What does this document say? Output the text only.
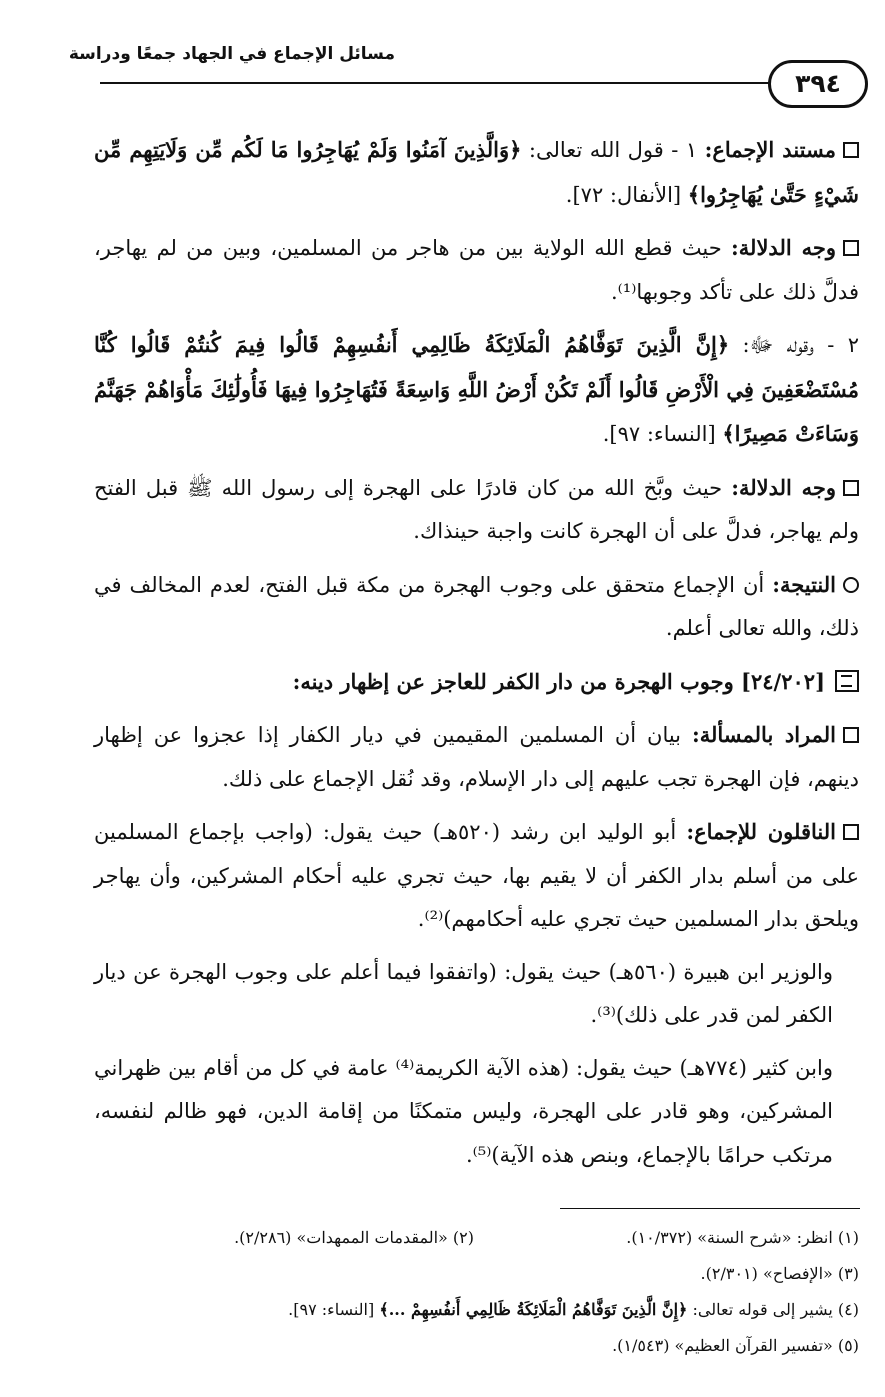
مسائل الإجماع في الجهاد جمعًا ودراسة
٣٩٤

مستند الإجماع: ١ - قول الله تعالى: ﴿وَالَّذِينَ آمَنُوا وَلَمْ يُهَاجِرُوا مَا لَكُم مِّن وَلَايَتِهِم مِّن شَيْءٍ حَتَّىٰ يُهَاجِرُوا﴾ [الأنفال: ٧٢].

وجه الدلالة: حيث قطع الله الولاية بين من هاجر من المسلمين، وبين من لم يهاجر، فدلَّ ذلك على تأكد وجوبها⁽¹⁾.

٢ - وقوله ﷻ: ﴿إِنَّ الَّذِينَ تَوَفَّاهُمُ الْمَلَائِكَةُ ظَالِمِي أَنفُسِهِمْ قَالُوا فِيمَ كُنتُمْ قَالُوا كُنَّا مُسْتَضْعَفِينَ فِي الْأَرْضِ قَالُوا أَلَمْ تَكُنْ أَرْضُ اللَّهِ وَاسِعَةً فَتُهَاجِرُوا فِيهَا فَأُولَٰئِكَ مَأْوَاهُمْ جَهَنَّمُ وَسَاءَتْ مَصِيرًا﴾ [النساء: ٩٧].

وجه الدلالة: حيث وبَّخ الله من كان قادرًا على الهجرة إلى رسول الله ﷺ قبل الفتح ولم يهاجر، فدلَّ على أن الهجرة كانت واجبة حينذاك.

النتيجة: أن الإجماع متحقق على وجوب الهجرة من مكة قبل الفتح، لعدم المخالف في ذلك، والله تعالى أعلم.

[٢٤/٢٠٢] وجوب الهجرة من دار الكفر للعاجز عن إظهار دينه:

المراد بالمسألة: بيان أن المسلمين المقيمين في ديار الكفار إذا عجزوا عن إظهار دينهم، فإن الهجرة تجب عليهم إلى دار الإسلام، وقد نُقل الإجماع على ذلك.

الناقلون للإجماع: أبو الوليد ابن رشد (٥٢٠هـ) حيث يقول: (واجب بإجماع المسلمين على من أسلم بدار الكفر أن لا يقيم بها، حيث تجري عليه أحكام المشركين، وأن يهاجر ويلحق بدار المسلمين حيث تجري عليه أحكامهم)⁽²⁾.

والوزير ابن هبيرة (٥٦٠هـ) حيث يقول: (واتفقوا فيما أعلم على وجوب الهجرة عن ديار الكفر لمن قدر على ذلك)⁽³⁾.

وابن كثير (٧٧٤هـ) حيث يقول: (هذه الآية الكريمة⁽⁴⁾ عامة في كل من أقام بين ظهراني المشركين، وهو قادر على الهجرة، وليس متمكنًا من إقامة الدين، فهو ظالم لنفسه، مرتكب حرامًا بالإجماع، وبنص هذه الآية)⁽⁵⁾.

(١) انظر: «شرح السنة» (١٠/٣٧٢).
(٢) «المقدمات الممهدات» (٢/٢٨٦).
(٣) «الإفصاح» (٢/٣٠١).
(٤) يشير إلى قوله تعالى: ﴿إِنَّ الَّذِينَ تَوَفَّاهُمُ الْمَلَائِكَةُ ظَالِمِي أَنفُسِهِمْ ...﴾ [النساء: ٩٧].
(٥) «تفسير القرآن العظيم» (١/٥٤٣).
